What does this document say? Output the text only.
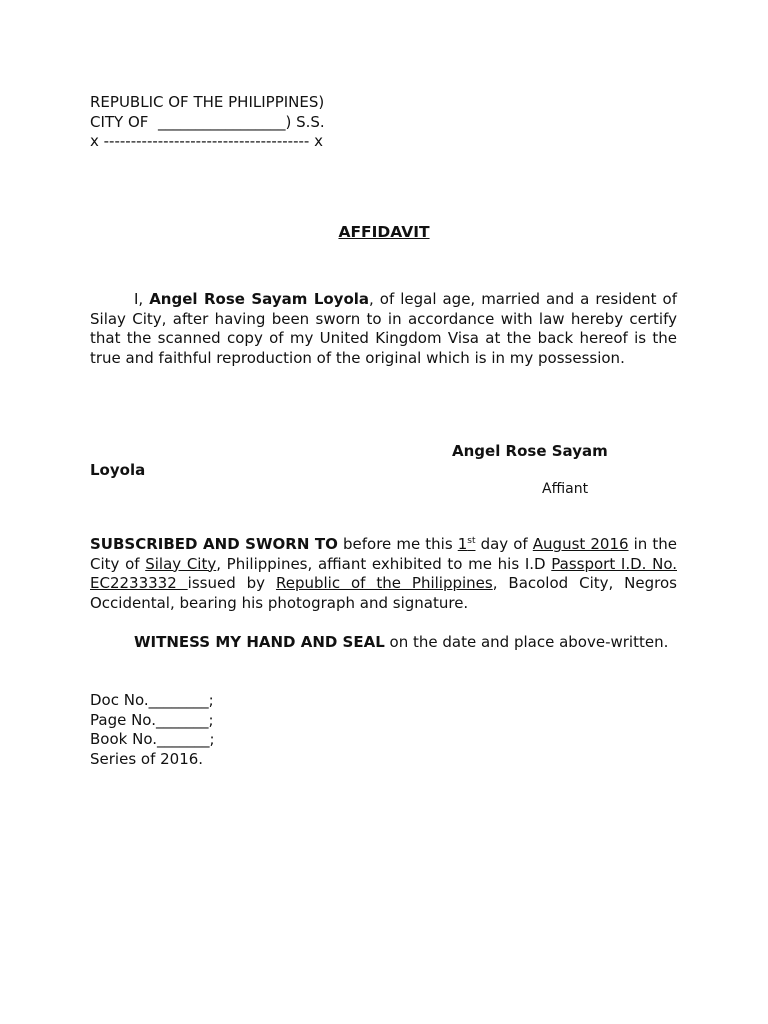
REPUBLIC OF THE PHILIPPINES)
CITY OF  _________________) S.S.
x -------------------------------------- x
AFFIDAVIT
I, Angel Rose Sayam Loyola, of legal age, married and a resident of Silay City, after having been sworn to in accordance with law hereby certify that the scanned copy of my United Kingdom Visa at the back hereof is the true and faithful reproduction of the original which is in my possession.
Angel Rose Sayam
Loyola
Affiant
SUBSCRIBED AND SWORN TO before me this 1st day of August 2016 in the City of Silay City, Philippines, affiant exhibited to me his I.D Passport I.D. No. EC2233332 issued by Republic of the Philippines, Bacolod City, Negros Occidental, bearing his photograph and signature.
WITNESS MY HAND AND SEAL on the date and place above-written.
Doc No.________;
Page No._______;
Book No._______;
Series of 2016.
